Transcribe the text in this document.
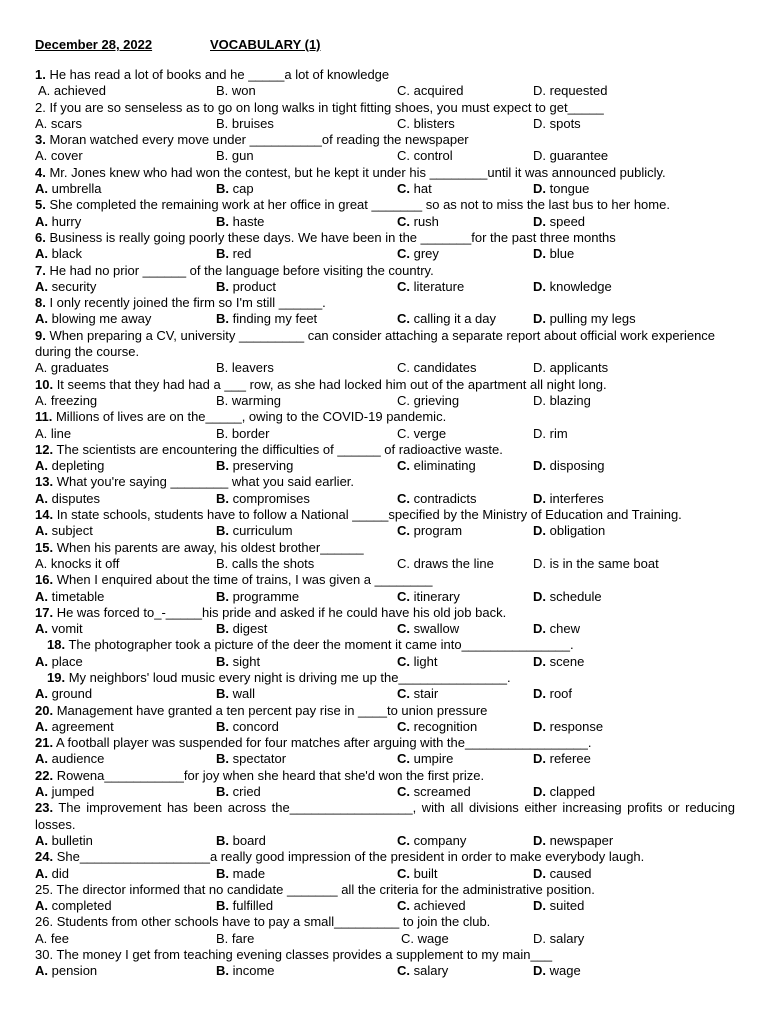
December 28, 2022	VOCABULARY (1)
1. He has read a lot of books and he _____a lot of knowledge
A. achieved	B. won	C. acquired	D. requested
2. If you are so senseless as to go on long walks in tight fitting shoes, you must expect to get_____
A. scars	B. bruises	C. blisters	D. spots
3. Moran watched every move under __________of reading the newspaper
A. cover	B. gun	C. control	D. guarantee
4. Mr. Jones knew who had won the contest, but he kept it under his ________until it was announced publicly.
A. umbrella	B. cap	C. hat	D. tongue
5. She completed the remaining work at her office in great _______ so as not to miss the last bus to her home.
A. hurry	B. haste	C. rush	D. speed
6. Business is really going poorly these days. We have been in the _______for the past three months
A. black	B. red	C. grey	D. blue
7. He had no prior ______ of the language before visiting the country.
A. security	B. product	C. literature	D. knowledge
8. I only recently joined the firm so I'm still ______.
A. blowing me away	B. finding my feet	C. calling it a day	D. pulling my legs
9. When preparing a CV, university _________ can consider attaching a separate report about official work experience during the course.
A. graduates	B. leavers	C. candidates	D. applicants
10. It seems that they had had a ___ row, as she had locked him out of the apartment all night long.
A. freezing	B. warming	C. grieving	D. blazing
11. Millions of lives are on the_____, owing to the COVID-19 pandemic.
A. line	B. border	C. verge	D. rim
12. The scientists are encountering the difficulties of ______ of radioactive waste.
A. depleting	B. preserving	C. eliminating	D. disposing
13. What you're saying ________ what you said earlier.
A. disputes	B. compromises	C. contradicts	D. interferes
14. In state schools, students have to follow a National _____specified by the Ministry of Education and Training.
A. subject	B. curriculum	C. program	D. obligation
15. When his parents are away, his oldest brother______
A. knocks it off	B. calls the shots	C. draws the line	D. is in the same boat
16. When I enquired about the time of trains, I was given a ________
A. timetable	B. programme	C. itinerary	D. schedule
17. He was forced to_-_____his pride and asked if he could have his old job back.
A. vomit	B. digest	C. swallow	D. chew
18. The photographer took a picture of the deer the moment it came into_______________.
A. place	B. sight	C. light	D. scene
19. My neighbors' loud music every night is driving me up the_______________.
A. ground	B. wall	C. stair	D. roof
20. Management have granted a ten percent pay rise in ____to union pressure
A. agreement	B. concord	C. recognition	D. response
21. A football player was suspended for four matches after arguing with the_________________.
A. audience	B. spectator	C. umpire	D. referee
22. Rowena___________for joy when she heard that she'd won the first prize.
A. jumped	B. cried	C. screamed	D. clapped
23. The improvement has been across the_________________, with all divisions either increasing profits or reducing losses.
A. bulletin	B. board	C. company	D. newspaper
24. She__________________a really good impression of the president in order to make everybody laugh.
A. did	B. made	C. built	D. caused
25. The director informed that no candidate _______ all the criteria for the administrative position.
A. completed	B. fulfilled	C. achieved	D. suited
26. Students from other schools have to pay a small_________ to join the club.
A. fee	B. fare	C. wage	D. salary
30. The money I get from teaching evening classes provides a supplement to my main___
A. pension	B. income	C. salary	D. wage
